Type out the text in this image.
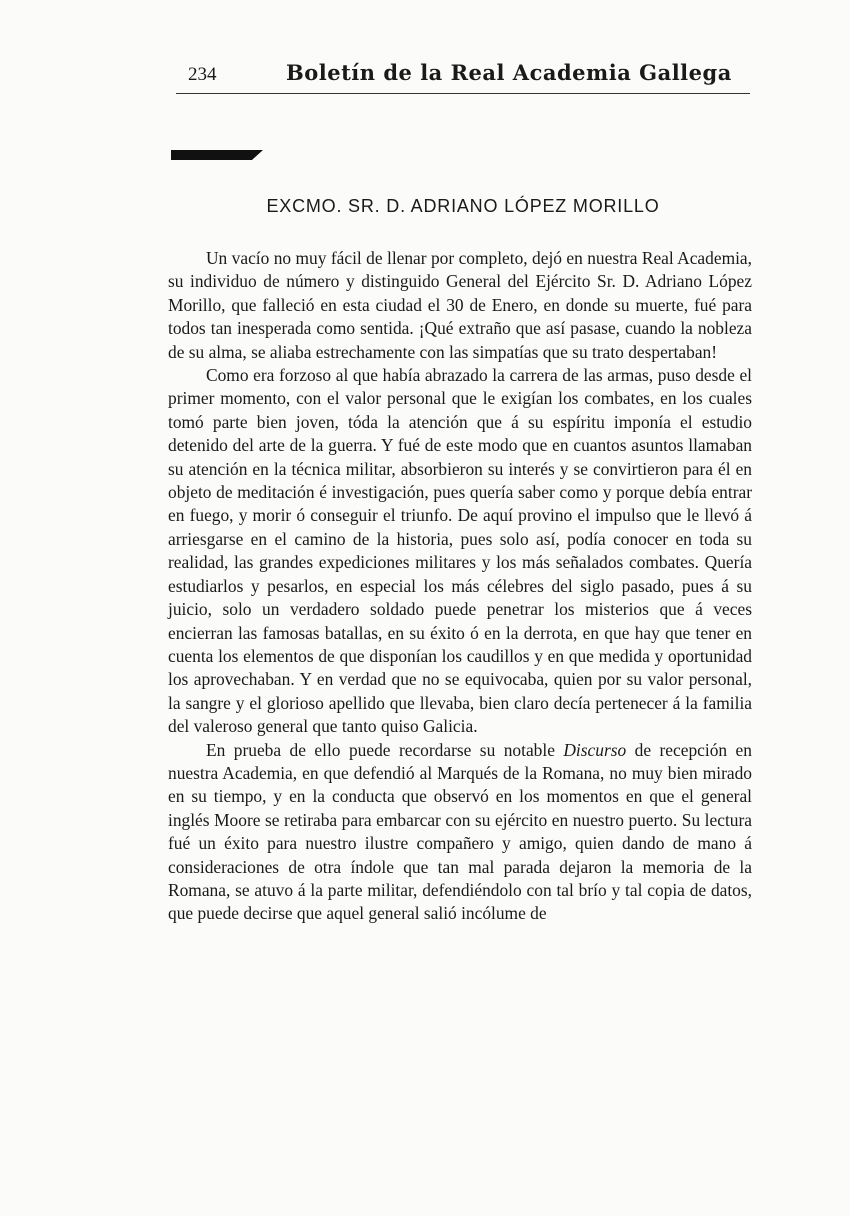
234	Boletín de la Real Academia Gallega
EXCMO. SR. D. ADRIANO LÓPEZ MORILLO

Un vacío no muy fácil de llenar por completo, dejó en nuestra Real Academia, su individuo de número y distinguido General del Ejército Sr. D. Adriano López Morillo, que falleció en esta ciudad el 30 de Enero, en donde su muerte, fué para todos tan inesperada como sentida. ¡Qué extraño que así pasase, cuando la nobleza de su alma, se aliaba estrechamente con las simpatías que su trato despertaban!

Como era forzoso al que había abrazado la carrera de las armas, puso desde el primer momento, con el valor personal que le exigían los combates, en los cuales tomó parte bien joven, tóda la atención que á su espíritu imponía el estudio detenido del arte de la guerra. Y fué de este modo que en cuantos asuntos llamaban su atención en la técnica militar, absorbieron su interés y se convirtieron para él en objeto de meditación é investigación, pues quería saber como y porque debía entrar en fuego, y morir ó conseguir el triunfo. De aquí provino el impulso que le llevó á arriesgarse en el camino de la historia, pues solo así, podía conocer en toda su realidad, las grandes expediciones militares y los más señalados combates. Quería estudiarlos y pesarlos, en especial los más célebres del siglo pasado, pues á su juicio, solo un verdadero soldado puede penetrar los misterios que á veces encierran las famosas batallas, en su éxito ó en la derrota, en que hay que tener en cuenta los elementos de que disponían los caudillos y en que medida y oportunidad los aprovechaban. Y en verdad que no se equivocaba, quien por su valor personal, la sangre y el glorioso apellido que llevaba, bien claro decía pertenecer á la familia del valeroso general que tanto quiso Galicia.

En prueba de ello puede recordarse su notable Discurso de recepción en nuestra Academia, en que defendió al Marqués de la Romana, no muy bien mirado en su tiempo, y en la conducta que observó en los momentos en que el general inglés Moore se retiraba para embarcar con su ejército en nuestro puerto. Su lectura fué un éxito para nuestro ilustre compañero y amigo, quien dando de mano á consideraciones de otra índole que tan mal parada dejaron la memoria de la Romana, se atuvo á la parte militar, defendiéndolo con tal brío y tal copia de datos, que puede decirse que aquel general salió incólume de
